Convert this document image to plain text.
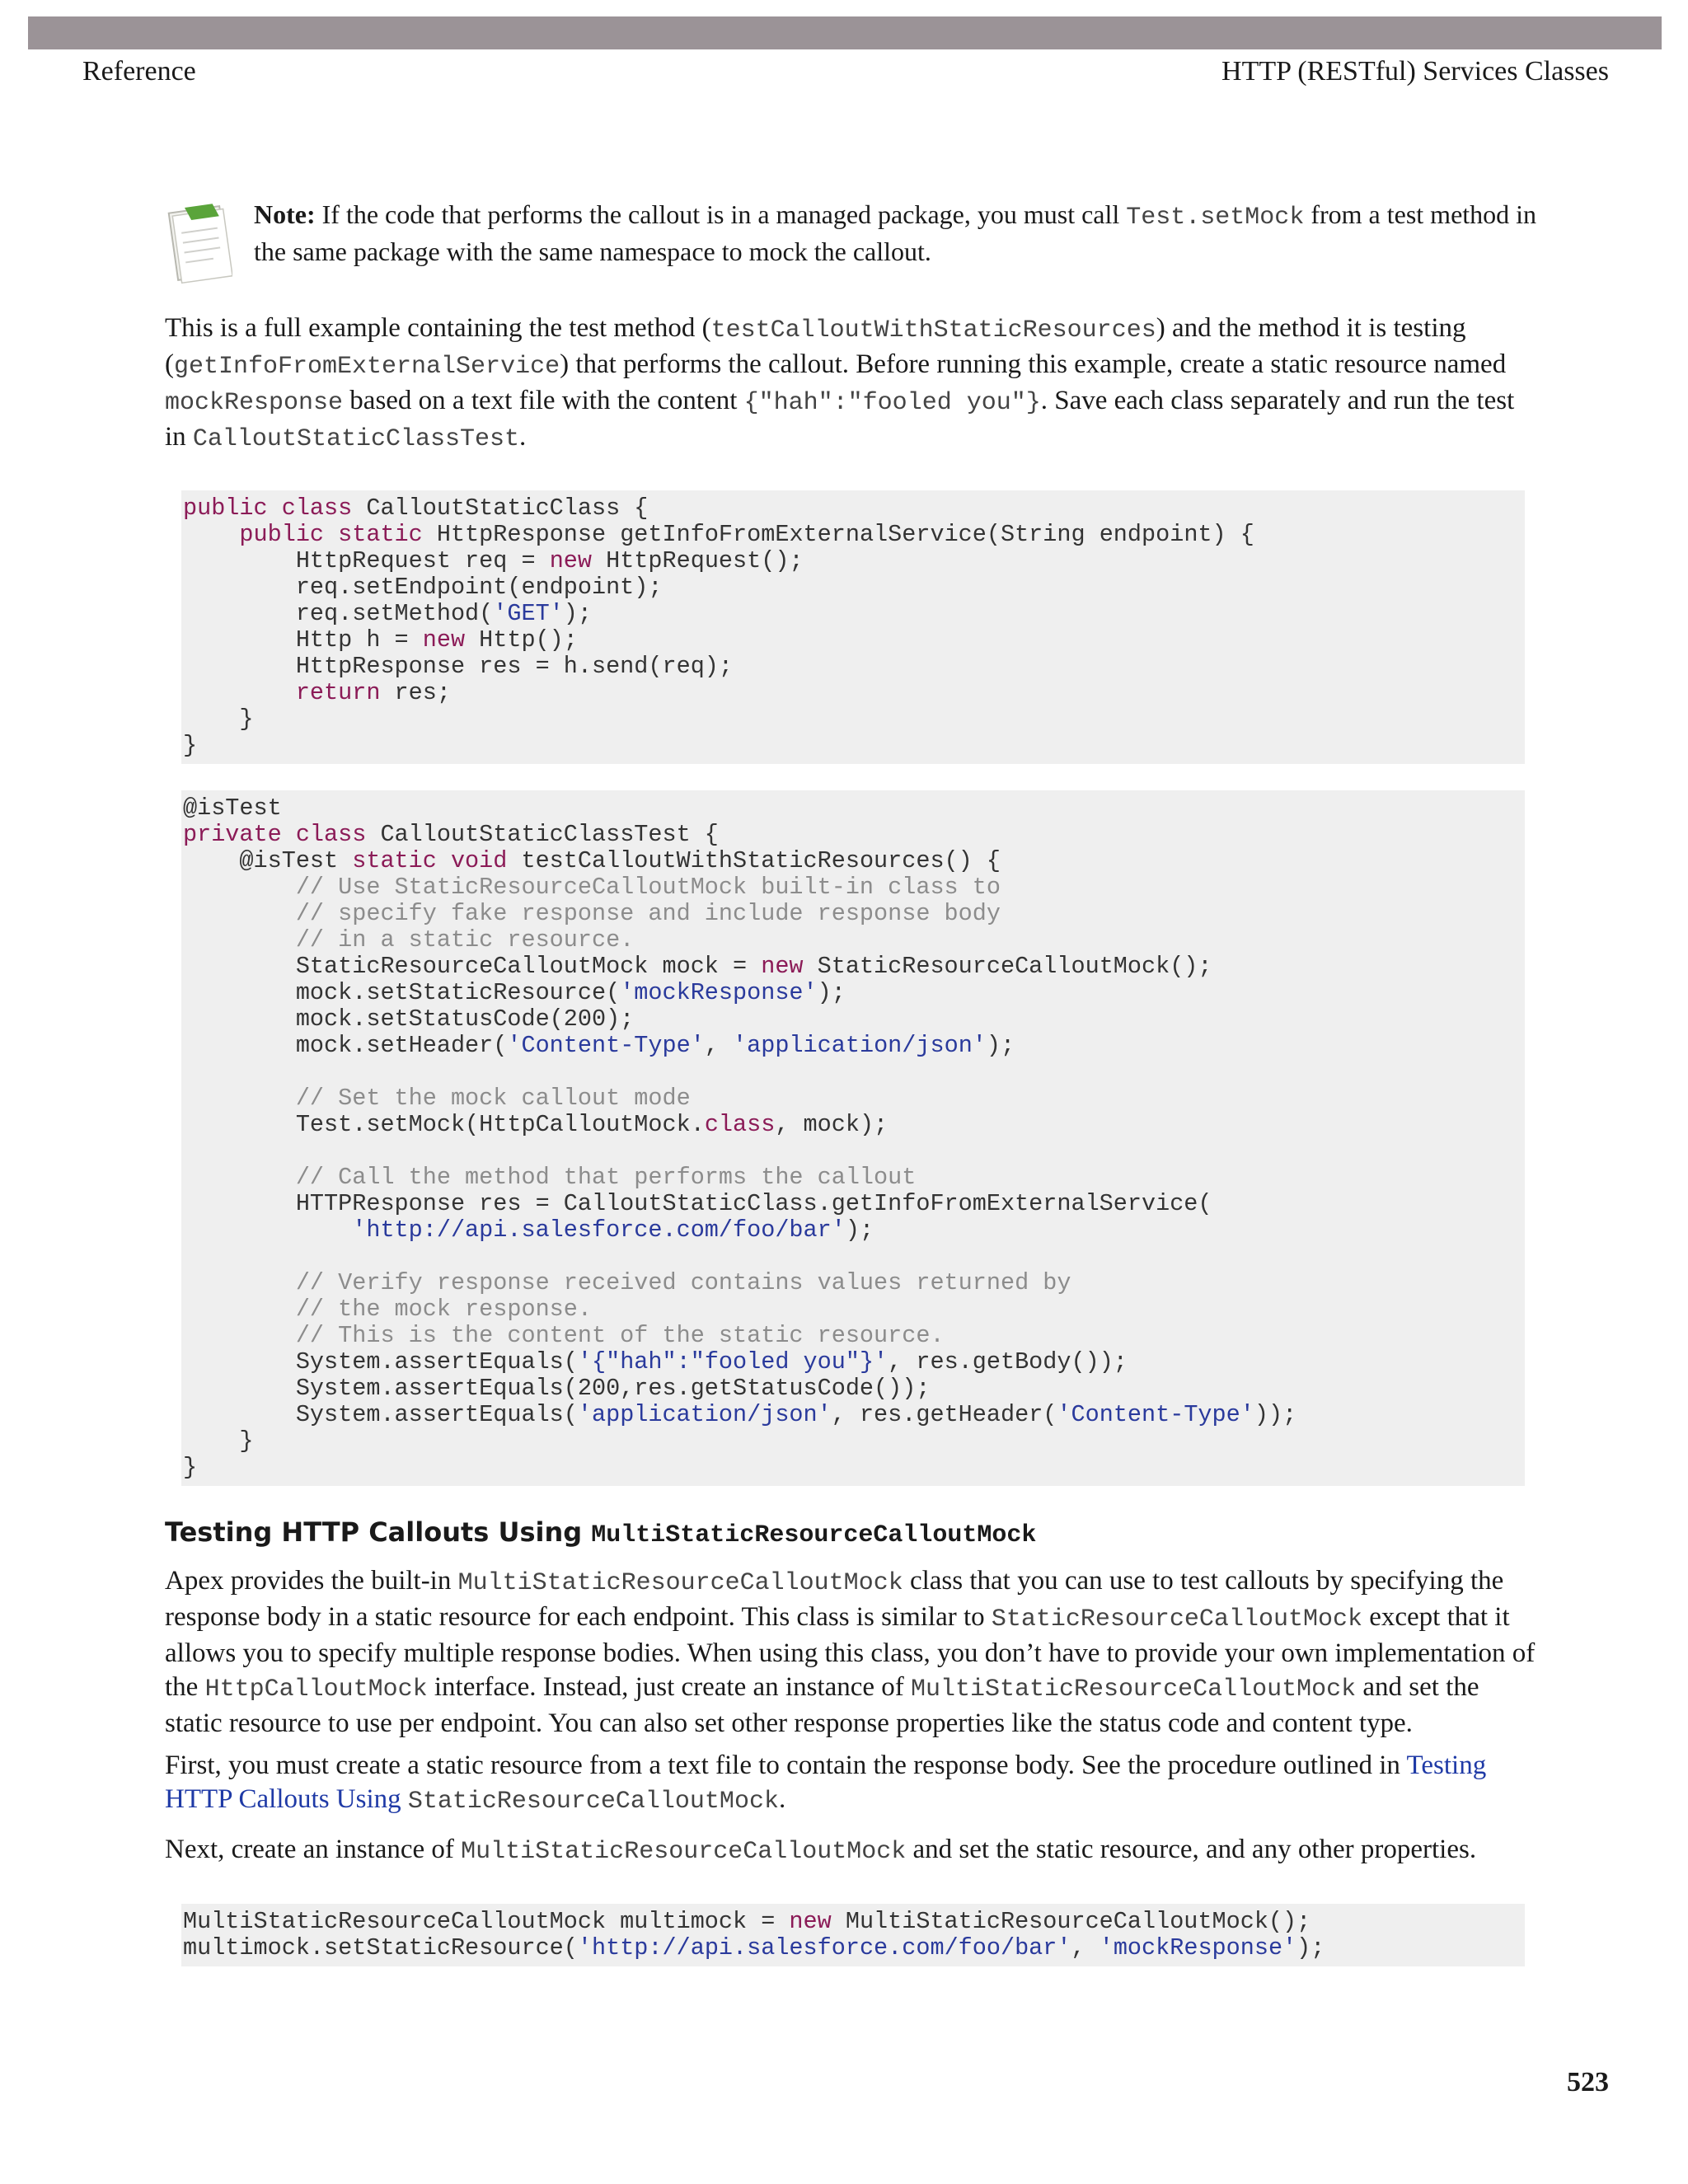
Reference	HTTP (RESTful) Services Classes
Note: If the code that performs the callout is in a managed package, you must call Test.setMock from a test method in the same package with the same namespace to mock the callout.
This is a full example containing the test method (testCalloutWithStaticResources) and the method it is testing (getInfoFromExternalService) that performs the callout. Before running this example, create a static resource named mockResponse based on a text file with the content {"hah":"fooled you"}. Save each class separately and run the test in CalloutStaticClassTest.
public class CalloutStaticClass {
public static HttpResponse getInfoFromExternalService(String endpoint) {
HttpRequest req = new HttpRequest();
req.setEndpoint(endpoint);
req.setMethod('GET');
Http h = new Http();
HttpResponse res = h.send(req);
return res;
}
}
@isTest
private class CalloutStaticClassTest {
@isTest static void testCalloutWithStaticResources() {
// Use StaticResourceCalloutMock built-in class to
// specify fake response and include response body
// in a static resource.
StaticResourceCalloutMock mock = new StaticResourceCalloutMock();
mock.setStaticResource('mockResponse');
mock.setStatusCode(200);
mock.setHeader('Content-Type', 'application/json');
// Set the mock callout mode
Test.setMock(HttpCalloutMock.class, mock);
// Call the method that performs the callout
HTTPResponse res = CalloutStaticClass.getInfoFromExternalService(
'http://api.salesforce.com/foo/bar');
// Verify response received contains values returned by
// the mock response.
// This is the content of the static resource.
System.assertEquals('{"hah":"fooled you"}', res.getBody());
System.assertEquals(200,res.getStatusCode());
System.assertEquals('application/json', res.getHeader('Content-Type'));
}
}
Testing HTTP Callouts Using MultiStaticResourceCalloutMock
Apex provides the built-in MultiStaticResourceCalloutMock class that you can use to test callouts by specifying the response body in a static resource for each endpoint. This class is similar to StaticResourceCalloutMock except that it allows you to specify multiple response bodies. When using this class, you don’t have to provide your own implementation of the HttpCalloutMock interface. Instead, just create an instance of MultiStaticResourceCalloutMock and set the static resource to use per endpoint. You can also set other response properties like the status code and content type.
First, you must create a static resource from a text file to contain the response body. See the procedure outlined in Testing HTTP Callouts Using StaticResourceCalloutMock.
Next, create an instance of MultiStaticResourceCalloutMock and set the static resource, and any other properties.
MultiStaticResourceCalloutMock multimock = new MultiStaticResourceCalloutMock();
multimock.setStaticResource('http://api.salesforce.com/foo/bar', 'mockResponse');
523
